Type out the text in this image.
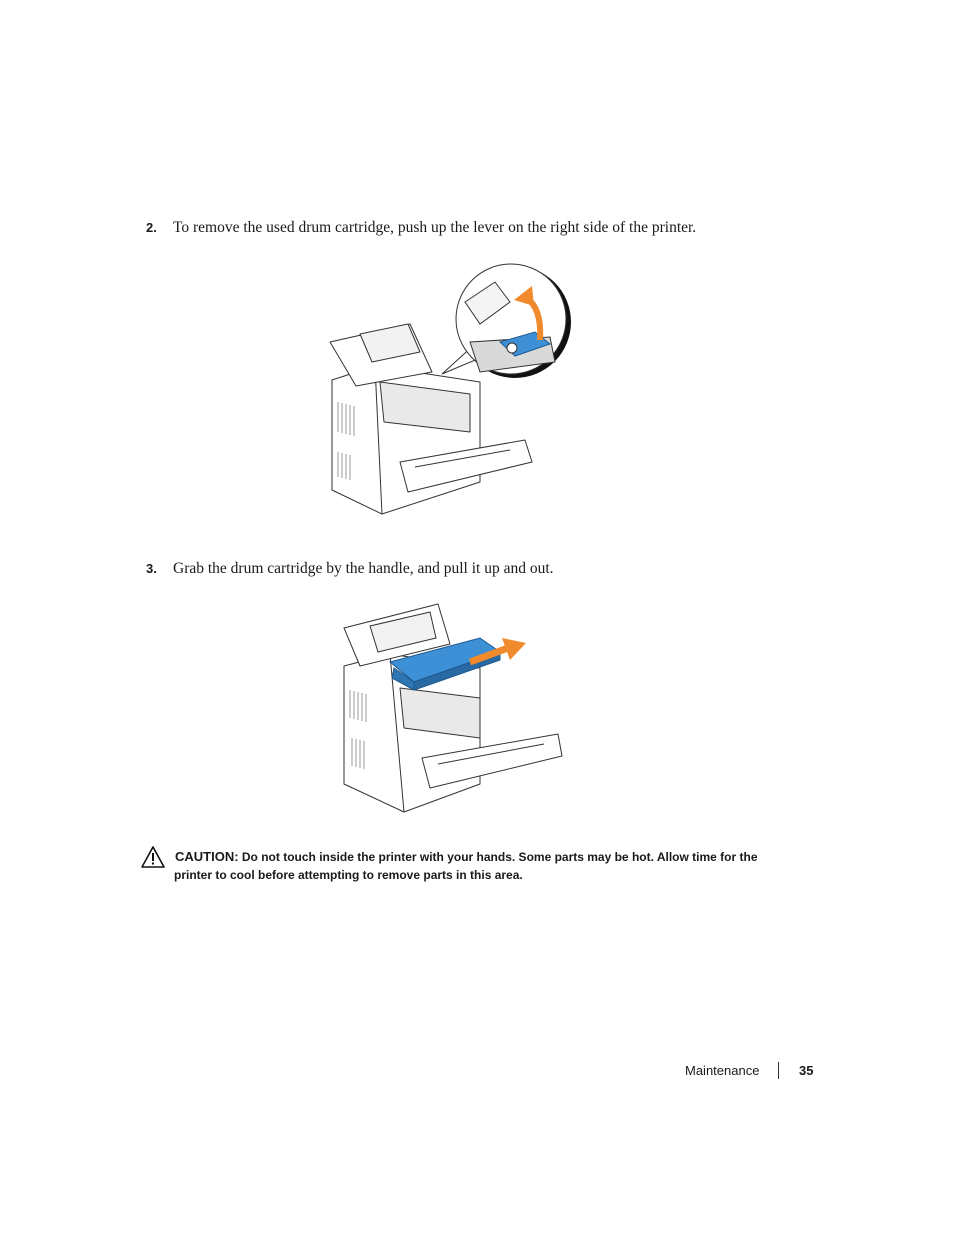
2. To remove the used drum cartridge, push up the lever on the right side of the printer.
3. Grab the drum cartridge by the handle, and pull it up and out.
CAUTION: Do not touch inside the printer with your hands. Some parts may be hot. Allow time for the
printer to cool before attempting to remove parts in this area.
Maintenance	35
